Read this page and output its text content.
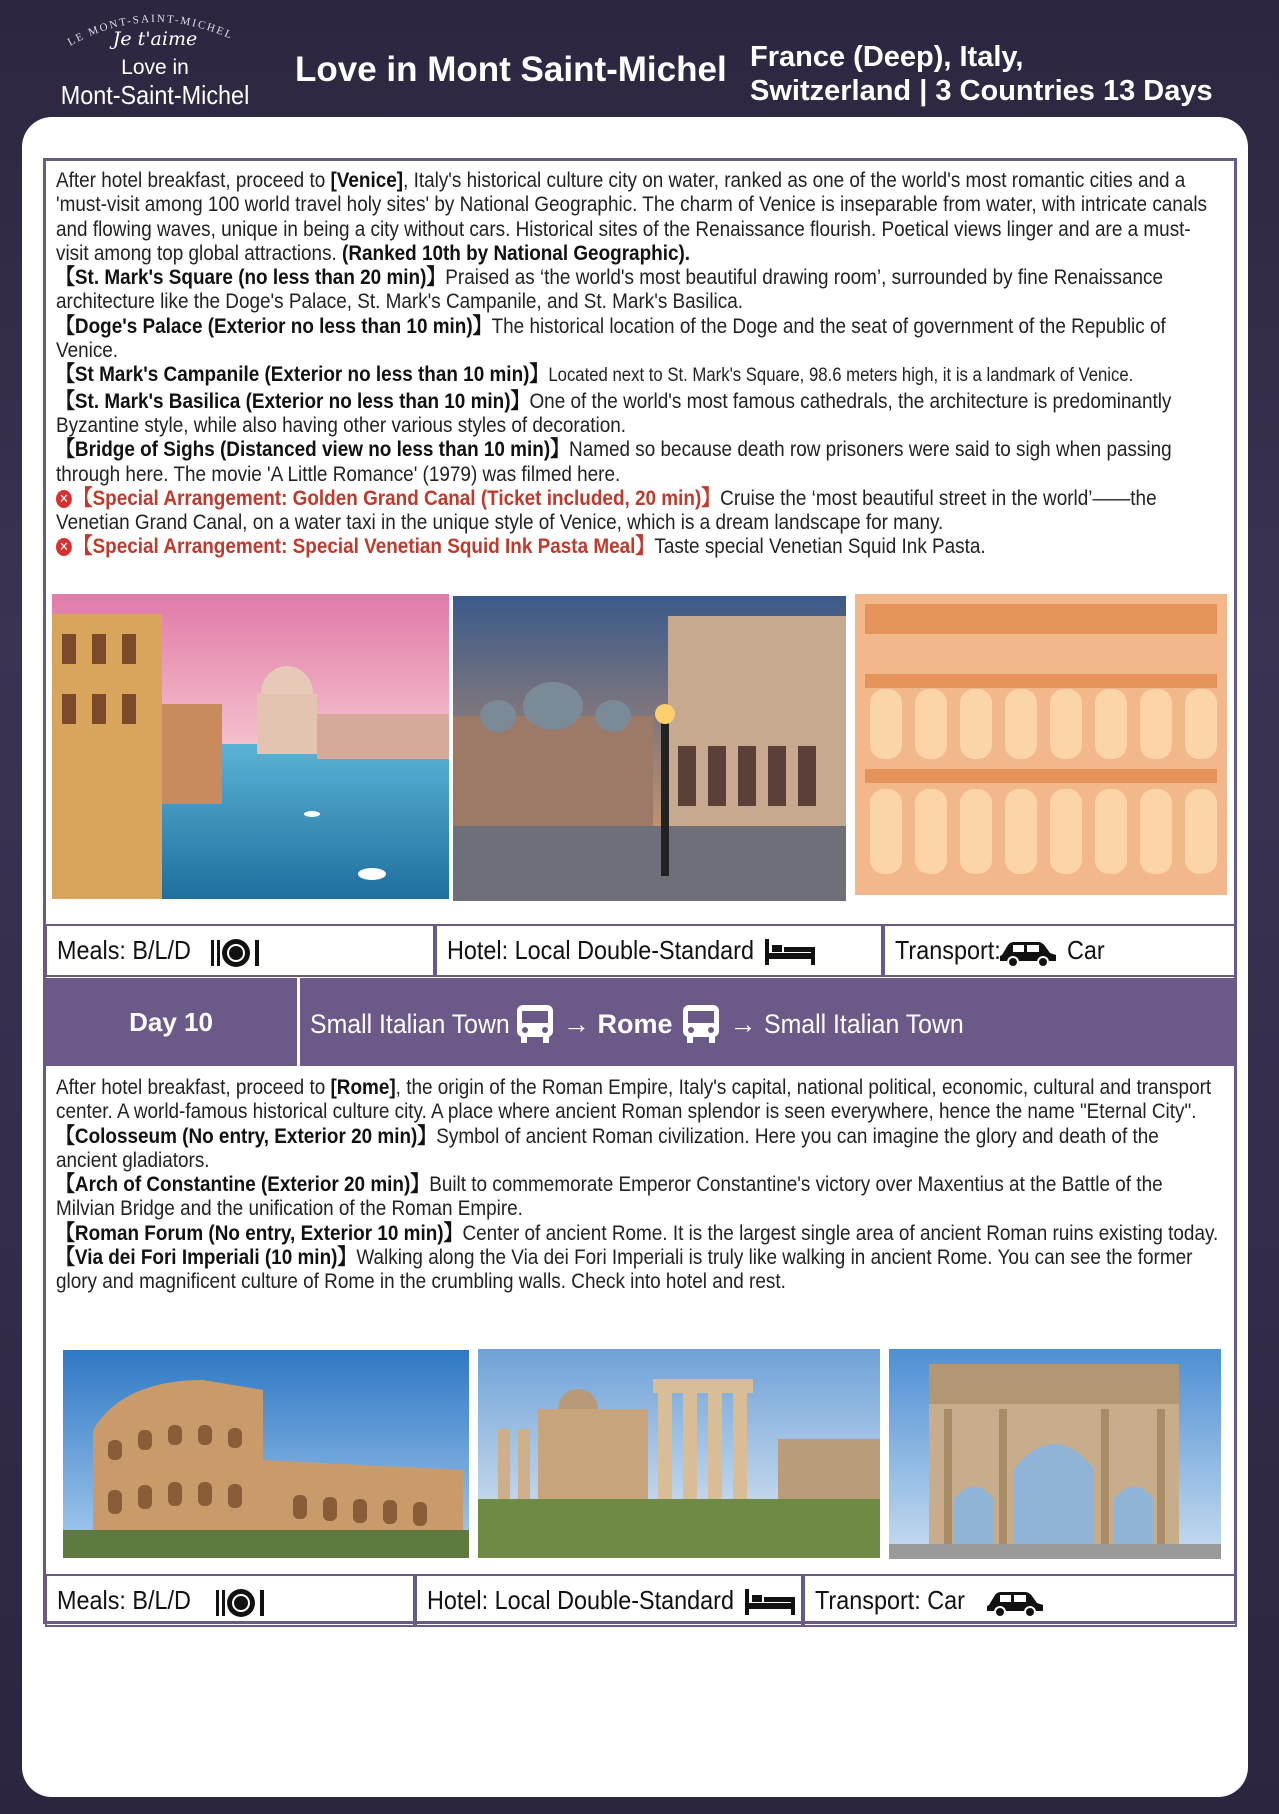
LE MONT-SAINT-MICHEL
Je t'aime
Love in
Mont-Saint-Michel
Love in Mont Saint-Michel France (Deep), Italy,
Switzerland | 3 Countries 13 Days

After hotel breakfast, proceed to [Venice], Italy's historical culture city on water, ranked as one of the world's most romantic cities and a 'must-visit among 100 world travel holy sites' by National Geographic. The charm of Venice is inseparable from water, with intricate canals and flowing waves, unique in being a city without cars. Historical sites of the Renaissance flourish. Poetical views linger and are a must-visit among top global attractions. (Ranked 10th by National Geographic).

【St. Mark's Square (no less than 20 min)】Praised as ‘the world's most beautiful drawing room’, surrounded by fine Renaissance architecture like the Doge's Palace, St. Mark's Campanile, and St. Mark's Basilica.

【Doge's Palace (Exterior no less than 10 min)】The historical location of the Doge and the seat of government of the Republic of Venice.

【St Mark's Campanile (Exterior no less than 10 min)】Located next to St. Mark's Square, 98.6 meters high, it is a landmark of Venice.

【St. Mark's Basilica (Exterior no less than 10 min)】One of the world's most famous cathedrals, the architecture is predominantly Byzantine style, while also having other various styles of decoration.

【Bridge of Sighs (Distanced view no less than 10 min)】Named so because death row prisoners were said to sigh when passing through here. The movie 'A Little Romance' (1979) was filmed here.

✕ 【Special Arrangement: Golden Grand Canal (Ticket included, 20 min)】Cruise the ‘most beautiful street in the world’——the Venetian Grand Canal, on a water taxi in the unique style of Venice, which is a dream landscape for many.

✕ 【Special Arrangement: Special Venetian Squid Ink Pasta Meal】Taste special Venetian Squid Ink Pasta.

Meals: B/L/D	Hotel: Local Double-Standard	Transport:	Car
Day 10	Small Italian Town → Rome → Small Italian Town

After hotel breakfast, proceed to [Rome], the origin of the Roman Empire, Italy's capital, national political, economic, cultural and transport center. A world-famous historical culture city. A place where ancient Roman splendor is seen everywhere, hence the name "Eternal City".

【Colosseum (No entry, Exterior 20 min)】Symbol of ancient Roman civilization. Here you can imagine the glory and death of the ancient gladiators.

【Arch of Constantine (Exterior 20 min)】Built to commemorate Emperor Constantine's victory over Maxentius at the Battle of the Milvian Bridge and the unification of the Roman Empire.

【Roman Forum (No entry, Exterior 10 min)】Center of ancient Rome. It is the largest single area of ancient Roman ruins existing today.

【Via dei Fori Imperiali (10 min)】Walking along the Via dei Fori Imperiali is truly like walking in ancient Rome. You can see the former glory and magnificent culture of Rome in the crumbling walls. Check into hotel and rest.

Meals: B/L/D	Hotel: Local Double-Standard	Transport: Car
